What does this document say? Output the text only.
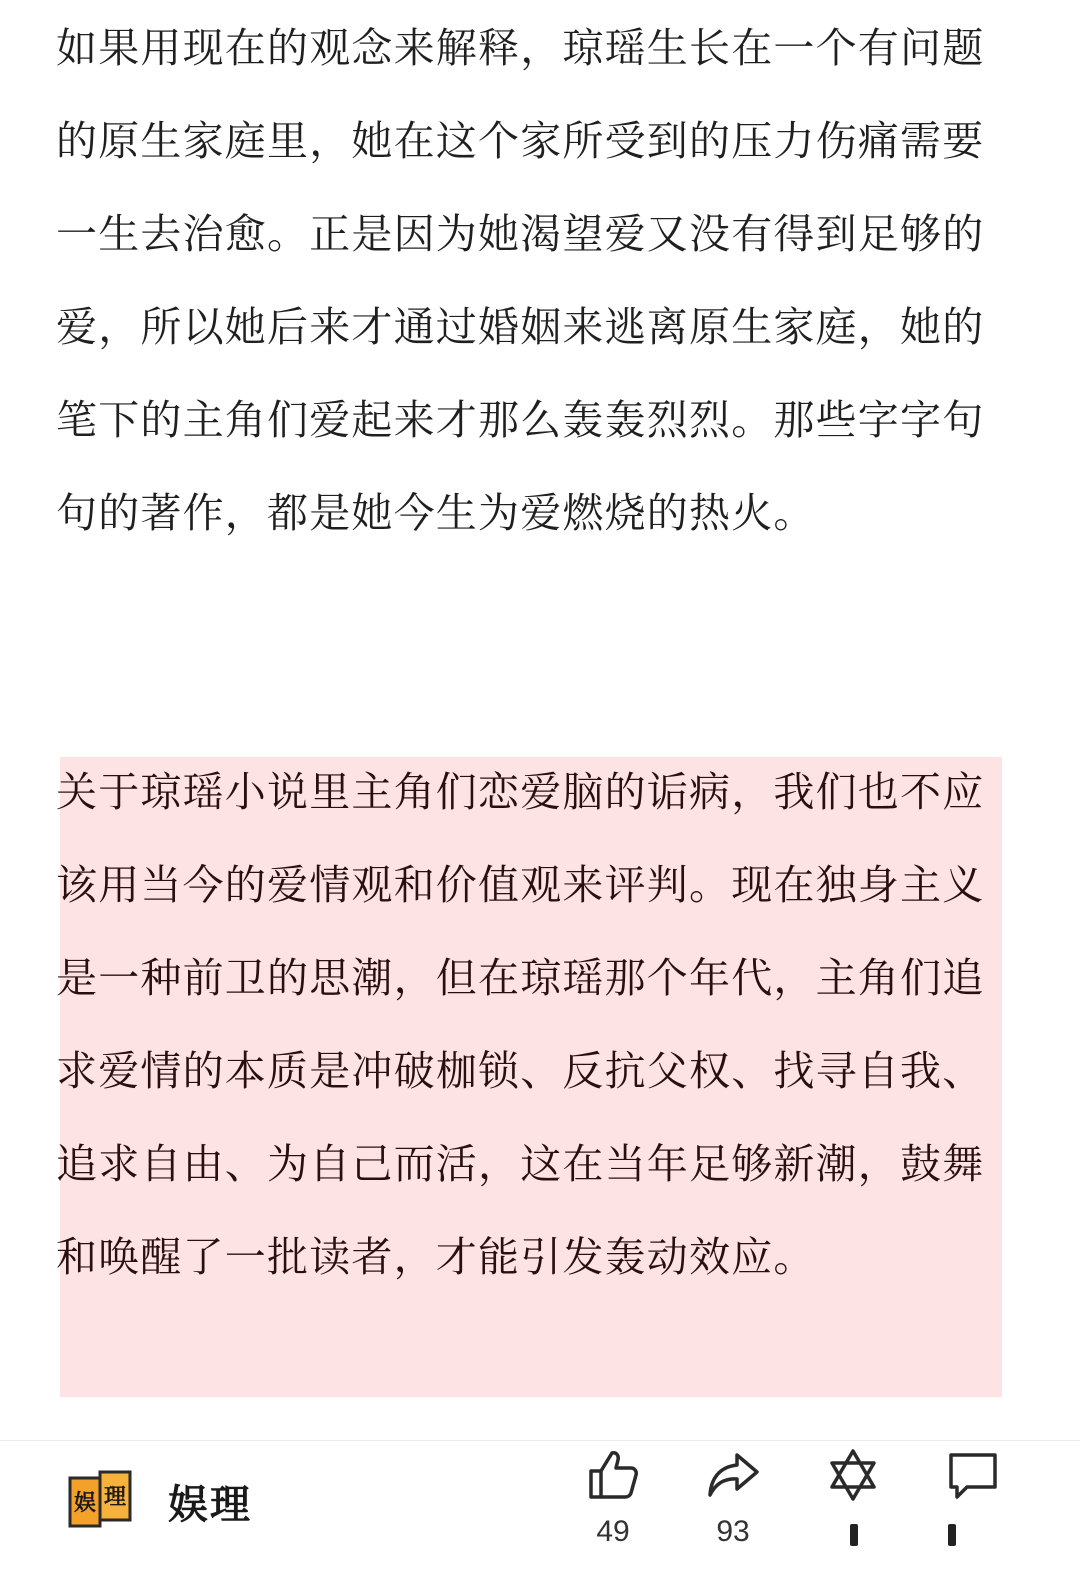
如果用现在的观念来解释，琼瑶生长在一个有问题的原生家庭里，她在这个家所受到的压力伤痛需要一生去治愈。正是因为她渴望爱又没有得到足够的爱，所以她后来才通过婚姻来逃离原生家庭，她的笔下的主角们爱起来才那么轰轰烈烈。那些字字句句的著作，都是她今生为爱燃烧的热火。

关于琼瑶小说里主角们恋爱脑的诟病，我们也不应该用当今的爱情观和价值观来评判。现在独身主义是一种前卫的思潮，但在琼瑶那个年代，主角们追求爱情的本质是冲破枷锁、反抗父权、找寻自我、追求自由、为自己而活，这在当年足够新潮，鼓舞和唤醒了一批读者，才能引发轰动效应。

娱 理 娱理
49	93
